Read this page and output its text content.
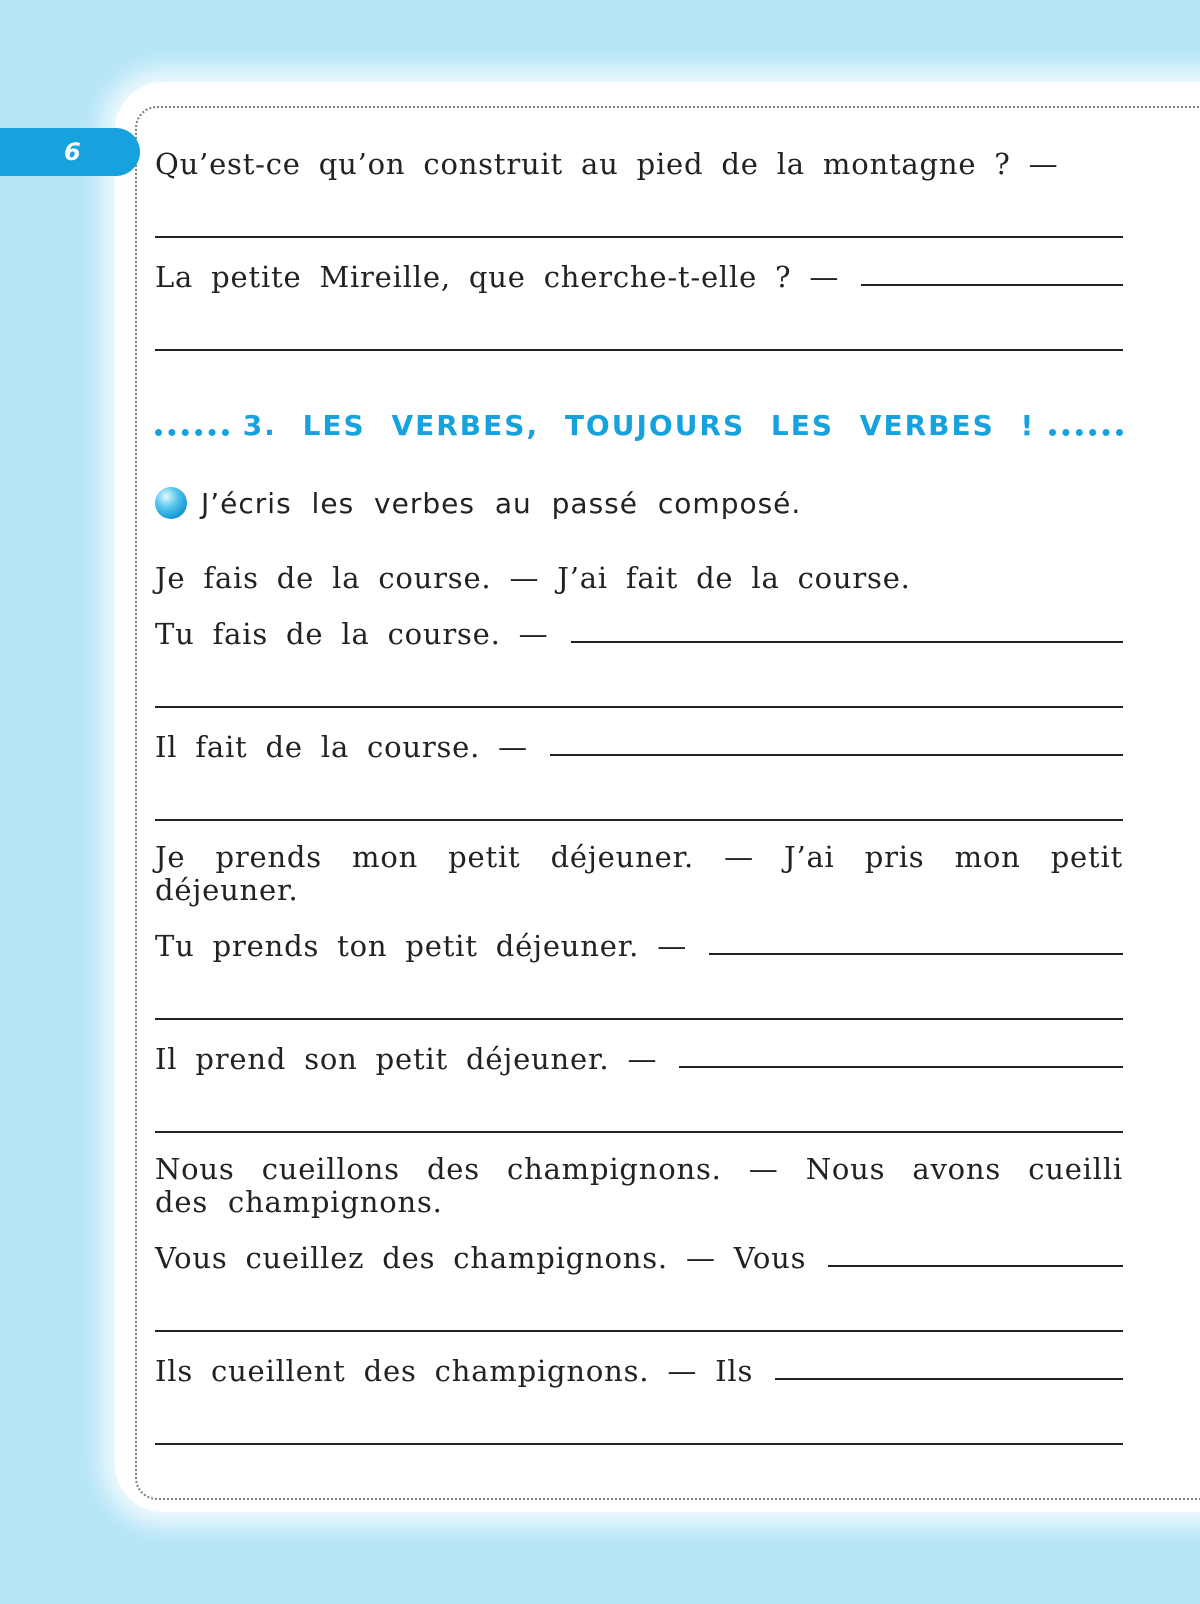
6	Qu’est-ce qu’on construit au pied de la montagne ? —
La petite Mireille, que cherche-t-elle ? —
3. LES VERBES, TOUJOURS LES VERBES !
J’écris les verbes au passé composé.
Je fais de la course. — J’ai fait de la course.
Tu fais de la course. —
Il fait de la course. —
Je prends mon petit déjeuner. — J’ai pris mon petit déjeuner.
Tu prends ton petit déjeuner. —
Il prend son petit déjeuner. —
Nous cueillons des champignons. — Nous avons cueilli des champignons.
Vous cueillez des champignons. — Vous
Ils cueillent des champignons. — Ils
